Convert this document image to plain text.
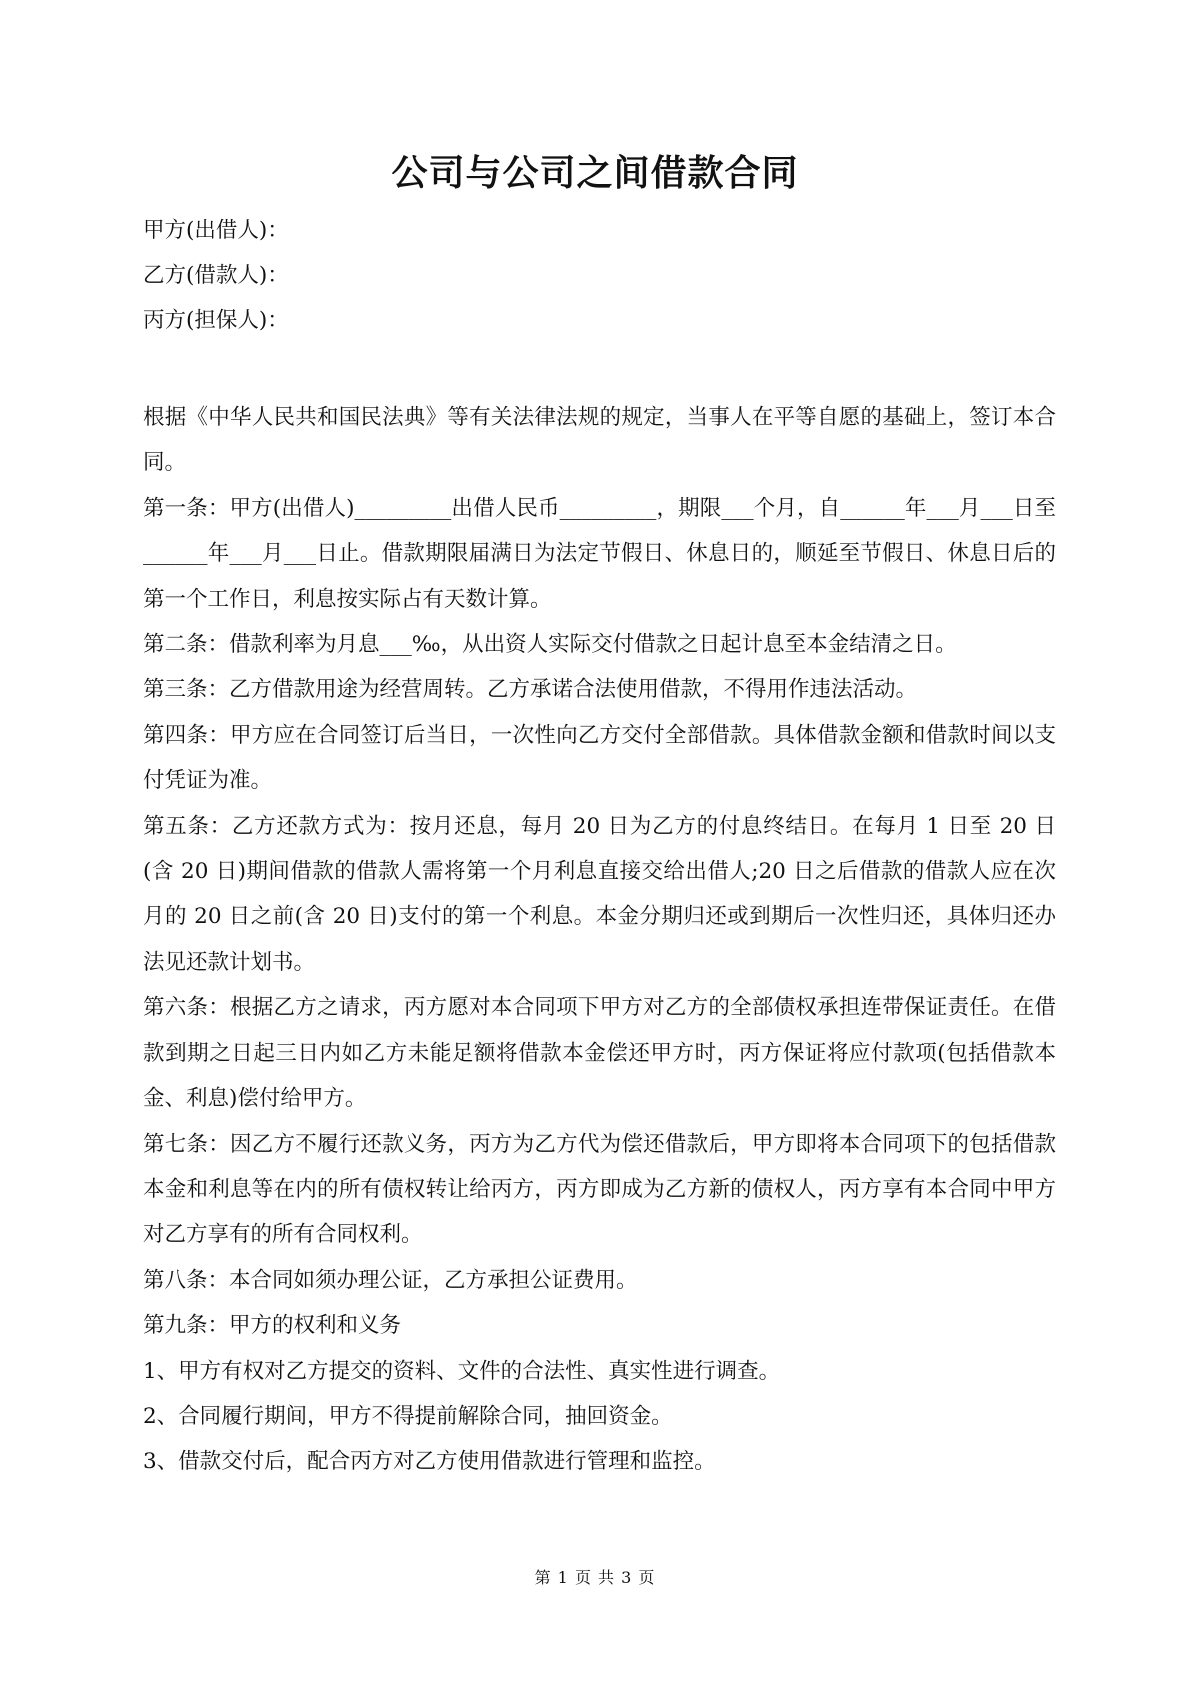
公司与公司之间借款合同
甲方(出借人)：
乙方(借款人)：
丙方(担保人)：

根据《中华人民共和国民法典》等有关法律法规的规定，当事人在平等自愿的基础上，签订本合同。

第一条：甲方(出借人)_________出借人民币_________，期限___个月，自______年___月___日至______年___月___日止。借款期限届满日为法定节假日、休息日的，顺延至节假日、休息日后的第一个工作日，利息按实际占有天数计算。

第二条：借款利率为月息___‰，从出资人实际交付借款之日起计息至本金结清之日。

第三条：乙方借款用途为经营周转。乙方承诺合法使用借款，不得用作违法活动。

第四条：甲方应在合同签订后当日，一次性向乙方交付全部借款。具体借款金额和借款时间以支付凭证为准。

第五条：乙方还款方式为：按月还息，每月 20 日为乙方的付息终结日。在每月 1 日至 20 日(含 20 日)期间借款的借款人需将第一个月利息直接交给出借人;20 日之后借款的借款人应在次月的 20 日之前(含 20 日)支付的第一个利息。本金分期归还或到期后一次性归还，具体归还办法见还款计划书。

第六条：根据乙方之请求，丙方愿对本合同项下甲方对乙方的全部债权承担连带保证责任。在借款到期之日起三日内如乙方未能足额将借款本金偿还甲方时，丙方保证将应付款项(包括借款本金、利息)偿付给甲方。

第七条：因乙方不履行还款义务，丙方为乙方代为偿还借款后，甲方即将本合同项下的包括借款本金和利息等在内的所有债权转让给丙方，丙方即成为乙方新的债权人，丙方享有本合同中甲方对乙方享有的所有合同权利。

第八条：本合同如须办理公证，乙方承担公证费用。

第九条：甲方的权利和义务

1、甲方有权对乙方提交的资料、文件的合法性、真实性进行调查。

2、合同履行期间，甲方不得提前解除合同，抽回资金。

3、借款交付后，配合丙方对乙方使用借款进行管理和监控。

第 1 页 共 3 页
